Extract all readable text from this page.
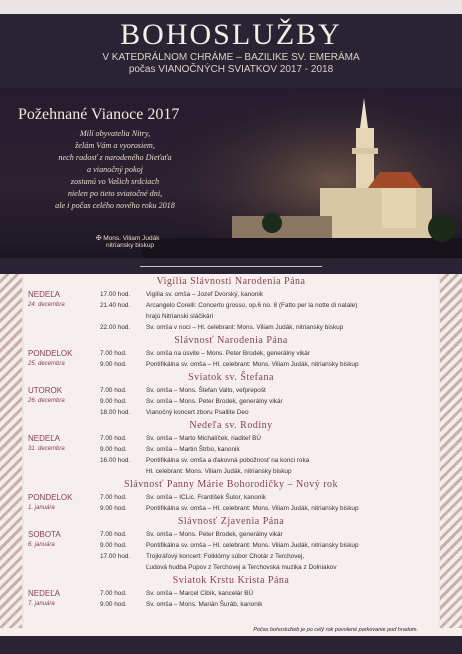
BOHOSLUŽBY
V KATEDRÁLNOM CHRÁME – BAZILIKE SV. EMERÁMA
počas VIANOČNÝCH SVIATKOV 2017 - 2018
Požehnané Vianoce 2017
Milí obyvatelia Nitry,
želám Vám a vyorosiem,
nech radosť z narodeného Dieťaťa
a vianočný pokoj
zostanú vo Vašich srdciach
nielen po tieto sviatočné dni,
ale i počas celého nového roku 2018
✠ Mons. Viliam Judák
nitriansky biskup
Vigília Slávnosti Narodenia Pána
NEDEĽA	17.00 hod. Vigília sv. omša – Jozef Dvorský, kanonik
24. decembra	21.40 hod. Arcangelo Corelli: Concerto grosso, op.6 no. 8 (Fatto per la notte di natale)
hrajú Nitrianski sláčikári
22.00 hod. Sv. omša v noci – Hl. celebrant: Mons. Viliam Judák, nitriansky biskup
Slávnosť Narodenia Pána
PONDELOK	7.00 hod.	Sv. omša na úsvite – Mons. Peter Brodek, generálny vikár
25. decembra	9.00 hod.	Pontifikálna sv. omša – Hl. celebrant: Mons. Viliam Judák, nitriansky biskup
Sviatok sv. Štefana
UTOROK	7.00 hod.	Sv. omša – Mons. Štefan Vallo, vefprepošt
26. decembra	9.00 hod.	Sv. omša – Mons. Peter Brodek, generálny vikár
18.00 hod. Vianočný koncert zboru Psallite Deo
Nedeľa sv. Rodiny
NEDEĽA	7.00 hod.	Sv. omša – Marto Michalíček, riaditeľ BÚ
31. decembra	9.00 hod.	Sv. omša – Martin Štrbo, kanonik
16.00 hod. Pontifikálna sv. omša a ďakovná pobožnosť na konci roka
Hl. celebrant: Mons. Viliam Judák, nitriansky biskup
Slávnosť Panny Márie Bohorodičky – Nový rok
PONDELOK	7.00 hod.	Sv. omša – ICLic. František Šutor, kanonik
1. januára	9.00 hod.	Pontifikálna sv. omša – Hl. celebrant: Mons. Viliam Judák, nitriansky biskup
Slávnosť Zjavenia Pána
SOBOTA	7.00 hod.	Sv. omša – Mons. Peter Brodek, generálny vikár
6. januára	9.00 hod.	Pontifikálna sv. omša – Hl. celebrant: Mons. Viliam Judák, nitriansky biskup
17.00 hod. Trojkráľový koncert: Folklórny súbor Chotár z Terchovej,
Ľudová hudba Pupov z Terchovej a Terchovská muzika z Dolniakov
Sviatok Krstu Krista Pána
NEDEĽA	7.00 hod.	Sv. omša – Marcel Cibík, kancelár BÚ
7. januára	9.00 hod.	Sv. omša – Mons. Marián Šuráb, kanonik
Počas bohoslužieb je po celý rok povolené parkovanie pod hradom.
